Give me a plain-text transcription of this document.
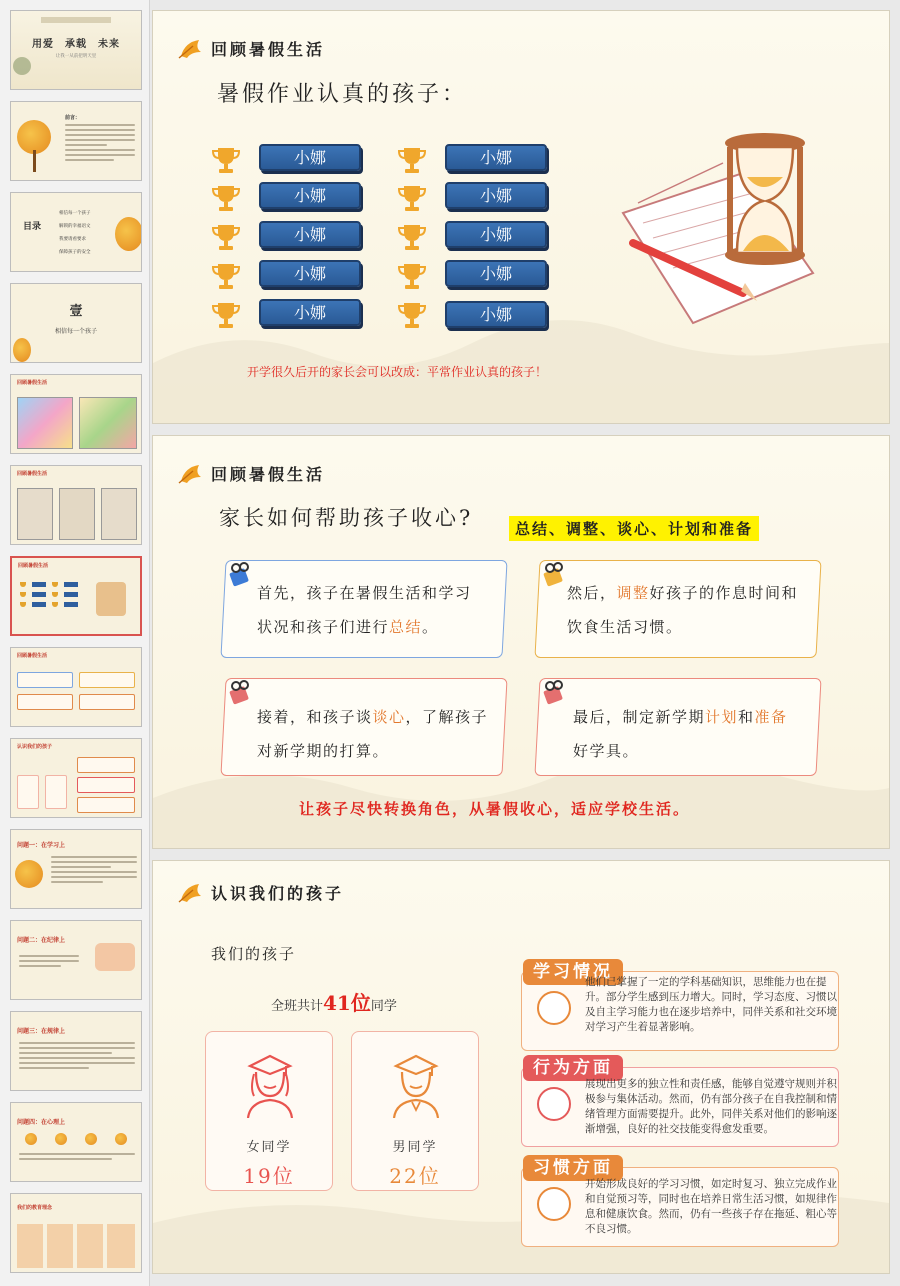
用爱　承载　未来
让我一从前把明天里
前言：
目录
相信每一个孩子
解锁的幸福语文
我要请看要求
保障孩子的安全
壹
相信每一个孩子
回顾暑假生活
回顾暑假生活
回顾暑假生活
回顾暑假生活
认识我们的孩子
问题一：在学习上
问题二：在纪律上
问题三：在规律上
问题四：在心理上
我们的教育理念
回顾暑假生活
暑假作业认真的孩子：
小娜
小娜
小娜
小娜
小娜
小娜
小娜
小娜
小娜
小娜
开学很久后开的家长会可以改成：平常作业认真的孩子！
回顾暑假生活
家长如何帮助孩子收心?	总结、调整、谈心、计划和准备
首先，孩子在暑假生活和学习状况和孩子们进行总结。
然后，调整好孩子的作息时间和饮食生活习惯。
接着，和孩子谈谈心，了解孩子对新学期的打算。
最后，制定新学期计划和准备好学具。
让孩子尽快转换角色，从暑假收心，适应学校生活。
认识我们的孩子
我们的孩子
全班共计41位同学
女同学
19位
男同学
22位
学习情况
他们已掌握了一定的学科基础知识，思维能力也在提升。部分学生感到压力增大。同时，学习态度、习惯以及自主学习能力也在逐步培养中，同伴关系和社交环境对学习产生着显著影响。
行为方面
展现出更多的独立性和责任感，能够自觉遵守规则并积极参与集体活动。然而，仍有部分孩子在自我控制和情绪管理方面需要提升。此外，同伴关系对他们的影响逐渐增强，良好的社交技能变得愈发重要。
习惯方面
开始形成良好的学习习惯，如定时复习、独立完成作业和自觉预习等，同时也在培养日常生活习惯，如规律作息和健康饮食。然而，仍有一些孩子存在拖延、粗心等不良习惯。
